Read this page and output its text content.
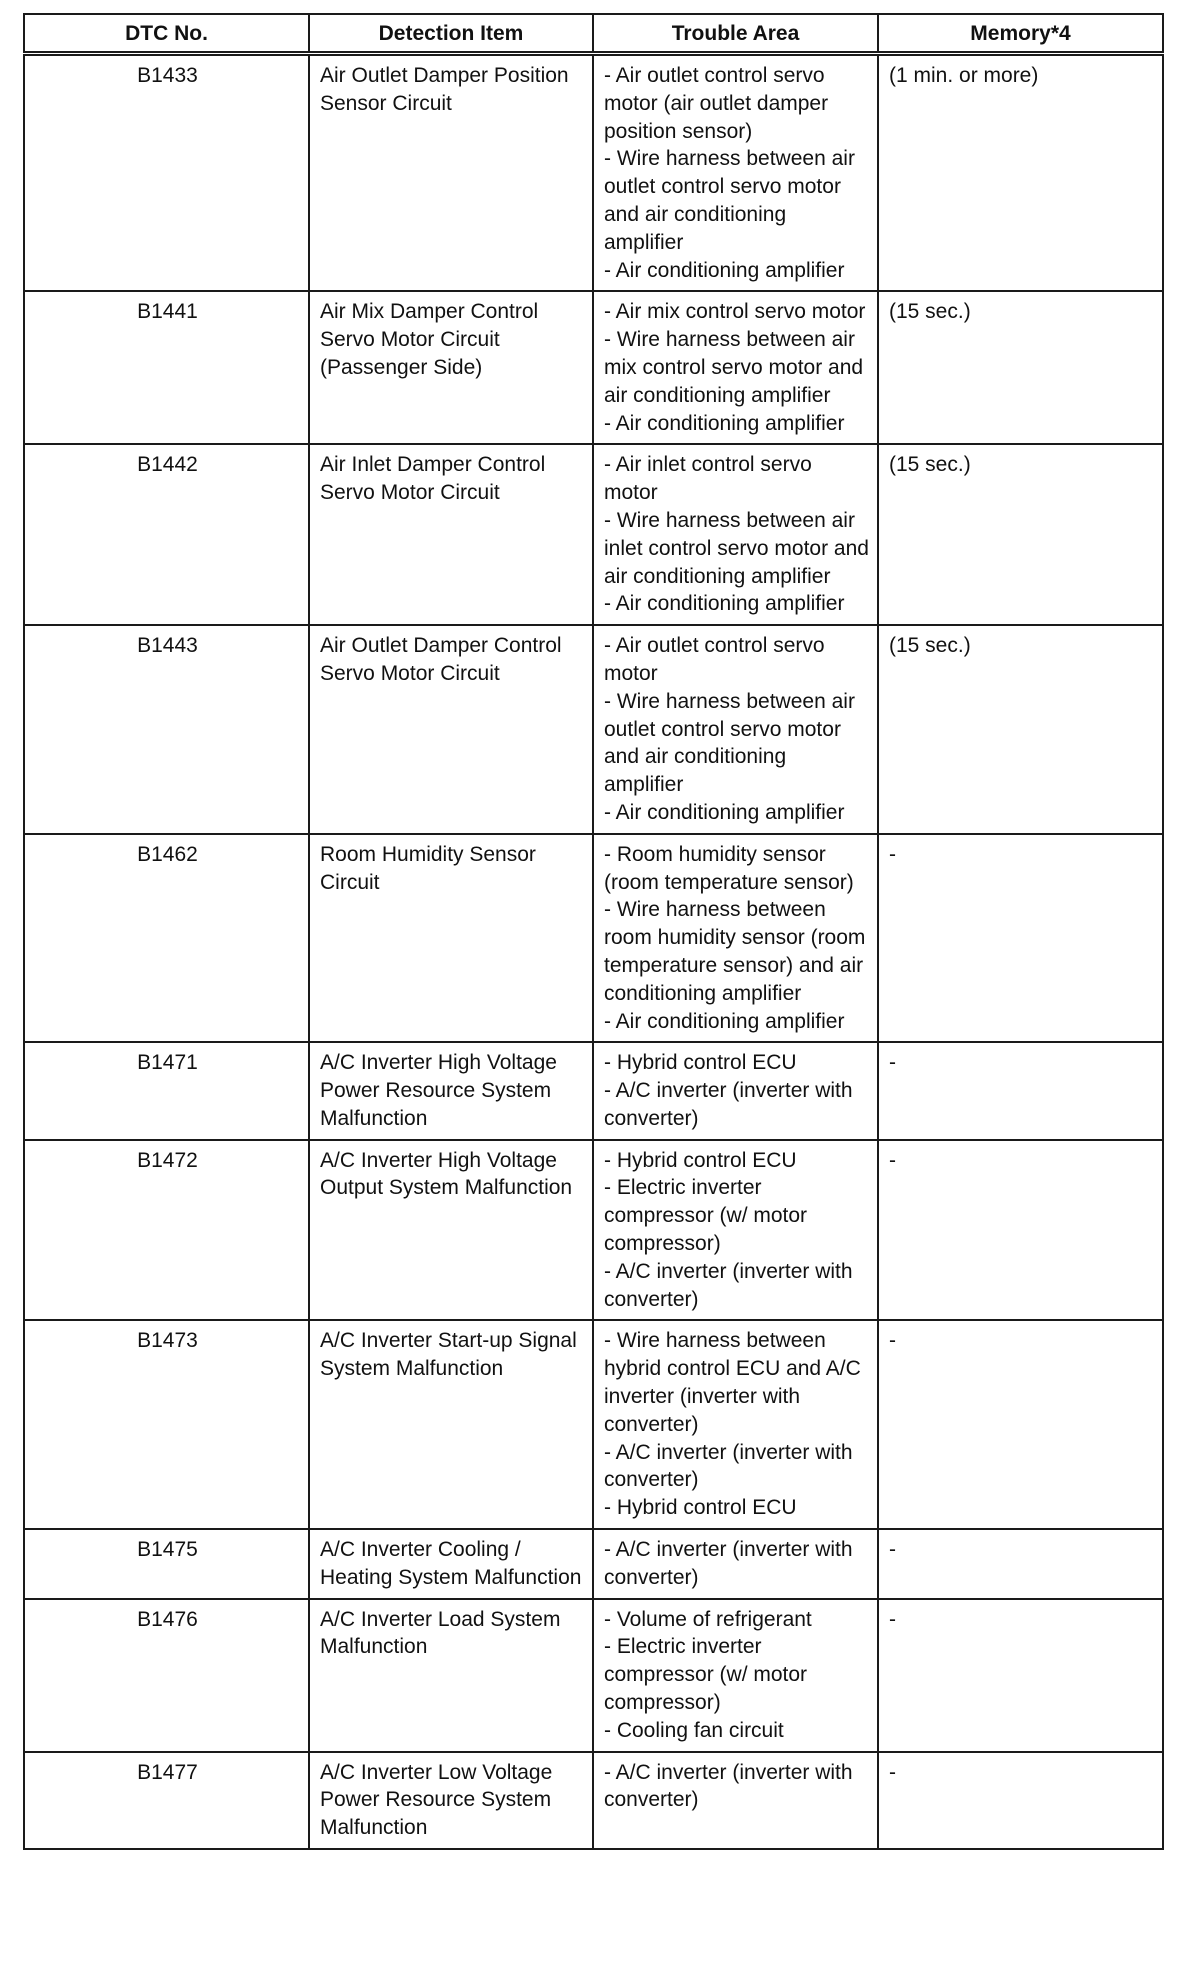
DTC No.	Detection Item	Trouble Area	Memory*4

B1433	Air Outlet Damper Position Sensor Circuit	- Air outlet control servo motor (air outlet damper position sensor)
- Wire harness between air outlet control servo motor and air conditioning amplifier
- Air conditioning amplifier	(1 min. or more)

B1441	Air Mix Damper Control Servo Motor Circuit (Passenger Side)	- Air mix control servo motor
- Wire harness between air mix control servo motor and air conditioning amplifier
- Air conditioning amplifier	(15 sec.)

B1442	Air Inlet Damper Control Servo Motor Circuit	- Air inlet control servo motor
- Wire harness between air inlet control servo motor and air conditioning amplifier
- Air conditioning amplifier	(15 sec.)

B1443	Air Outlet Damper Control Servo Motor Circuit	- Air outlet control servo motor
- Wire harness between air outlet control servo motor and air conditioning amplifier
- Air conditioning amplifier	(15 sec.)

B1462	Room Humidity Sensor Circuit	- Room humidity sensor (room temperature sensor)
- Wire harness between room humidity sensor (room temperature sensor) and air conditioning amplifier
- Air conditioning amplifier	-

B1471	A/C Inverter High Voltage Power Resource System Malfunction	- Hybrid control ECU
- A/C inverter (inverter with converter)	-

B1472	A/C Inverter High Voltage Output System Malfunction	- Hybrid control ECU
- Electric inverter compressor (w/ motor compressor)
- A/C inverter (inverter with converter)	-

B1473	A/C Inverter Start-up Signal System Malfunction	- Wire harness between hybrid control ECU and A/C inverter (inverter with converter)
- A/C inverter (inverter with converter)
- Hybrid control ECU	-

B1475	A/C Inverter Cooling / Heating System Malfunction	- A/C inverter (inverter with converter)	-

B1476	A/C Inverter Load System Malfunction	- Volume of refrigerant
- Electric inverter compressor (w/ motor compressor)
- Cooling fan circuit	-

B1477	A/C Inverter Low Voltage Power Resource System Malfunction	- A/C inverter (inverter with converter)	-
